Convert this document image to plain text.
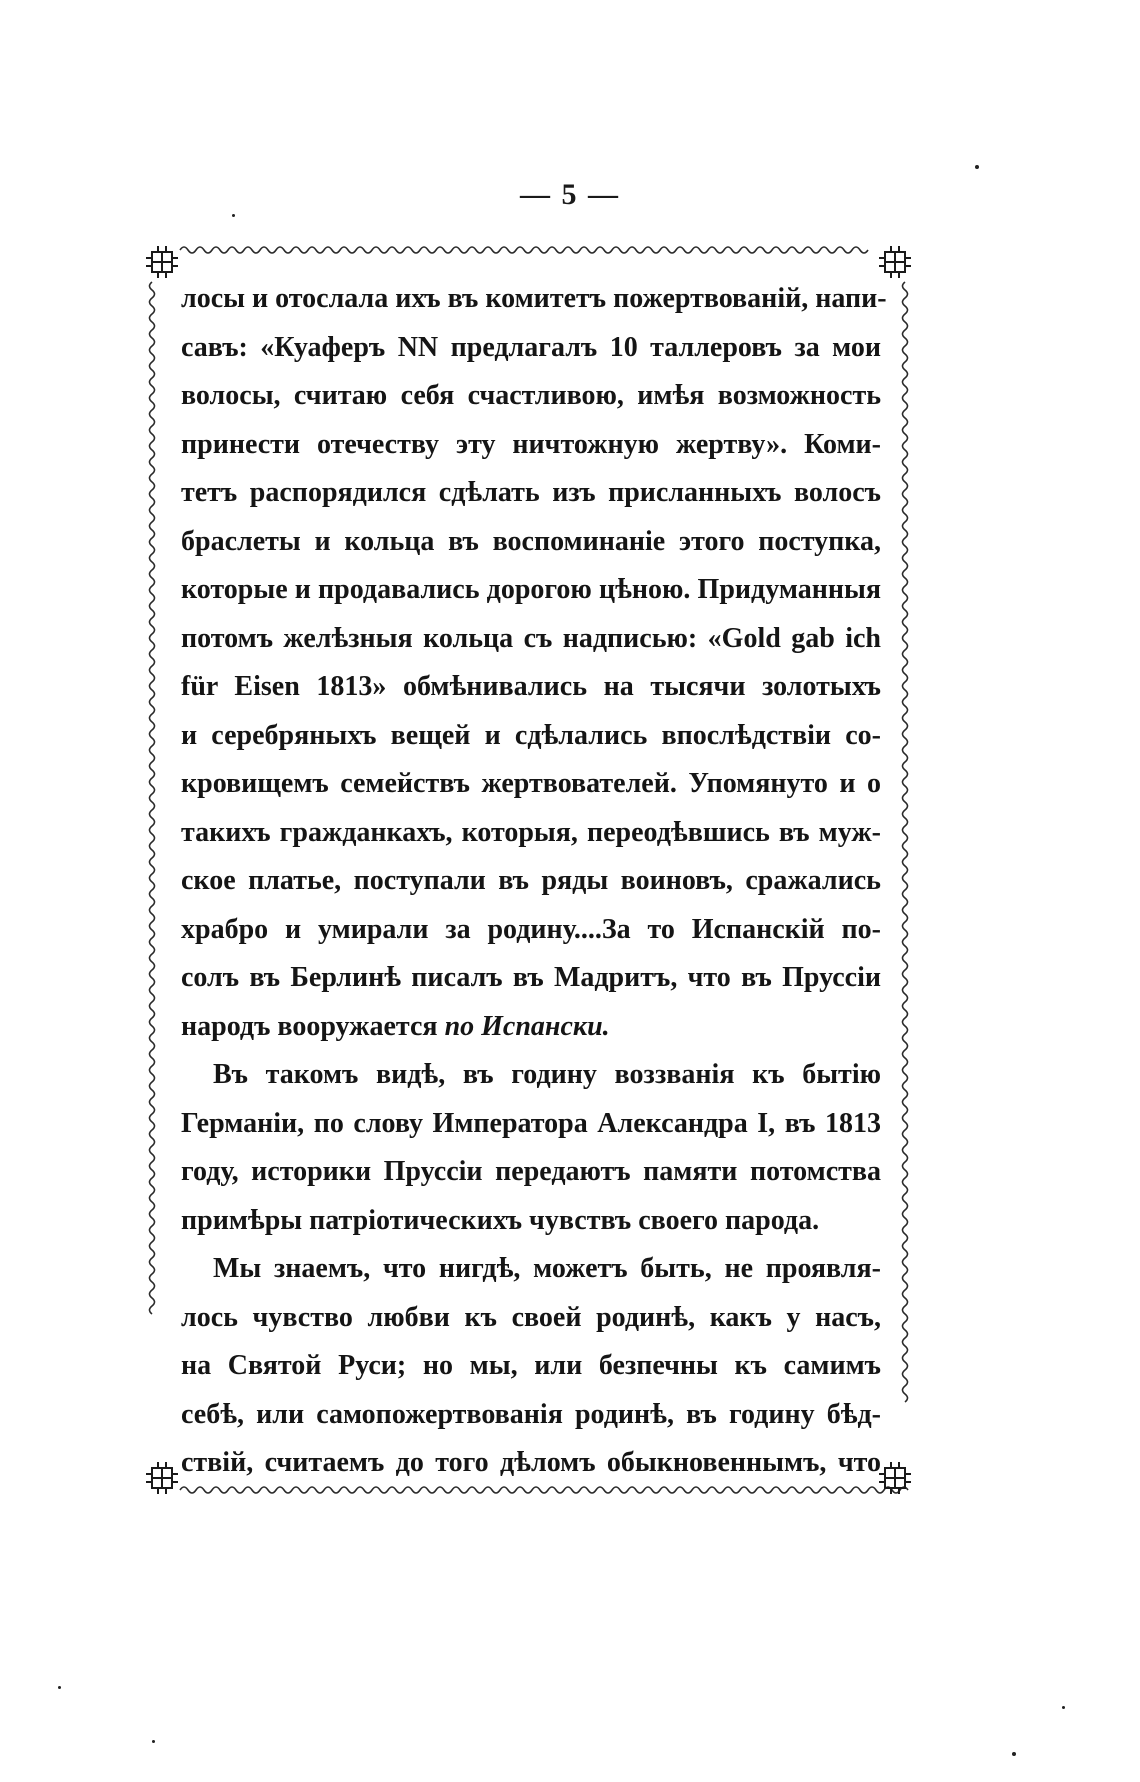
— 5 —
лосы и отослала ихъ въ комитетъ пожертвованій, напи-
савъ: «Куаферъ NN предлагалъ 10 таллеровъ за мои
волосы, считаю себя счастливою, имѣя возможность
принести отечеству эту ничтожную жертву». Коми-
тетъ распорядился сдѣлать изъ присланныхъ волосъ
браслеты и кольца въ воспоминаніе этого поступка,
которые и продавались дорогою цѣною. Придуманныя
потомъ желѣзныя кольца съ надписью: «Gold gab ich
für Eisen 1813» обмѣнивались на тысячи золотыхъ
и серебряныхъ вещей и сдѣлались впослѣдствіи со-
кровищемъ семействъ жертвователей. Упомянуто и о
такихъ гражданкахъ, которыя, переодѣвшись въ муж-
ское платье, поступали въ ряды воиновъ, сражались
храбро и умирали за родину....За то Испанскій по-
солъ въ Берлинѣ писалъ въ Мадритъ, что въ Пруссіи
народъ вооружается по Испански.
Въ такомъ видѣ, въ годину воззванія къ бытію
Германіи, по слову Императора Александра I, въ 1813
году, историки Пруссіи передаютъ памяти потомства
примѣры патріотическихъ чувствъ своего парода.
Мы знаемъ, что нигдѣ, можетъ быть, не проявля-
лось чувство любви къ своей родинѣ, какъ у насъ,
на Святой Руси; но мы, или безпечны къ самимъ
себѣ, или самопожертвованія родинѣ, въ годину бѣд-
ствій, считаемъ до того дѣломъ обыкновеннымъ, что
